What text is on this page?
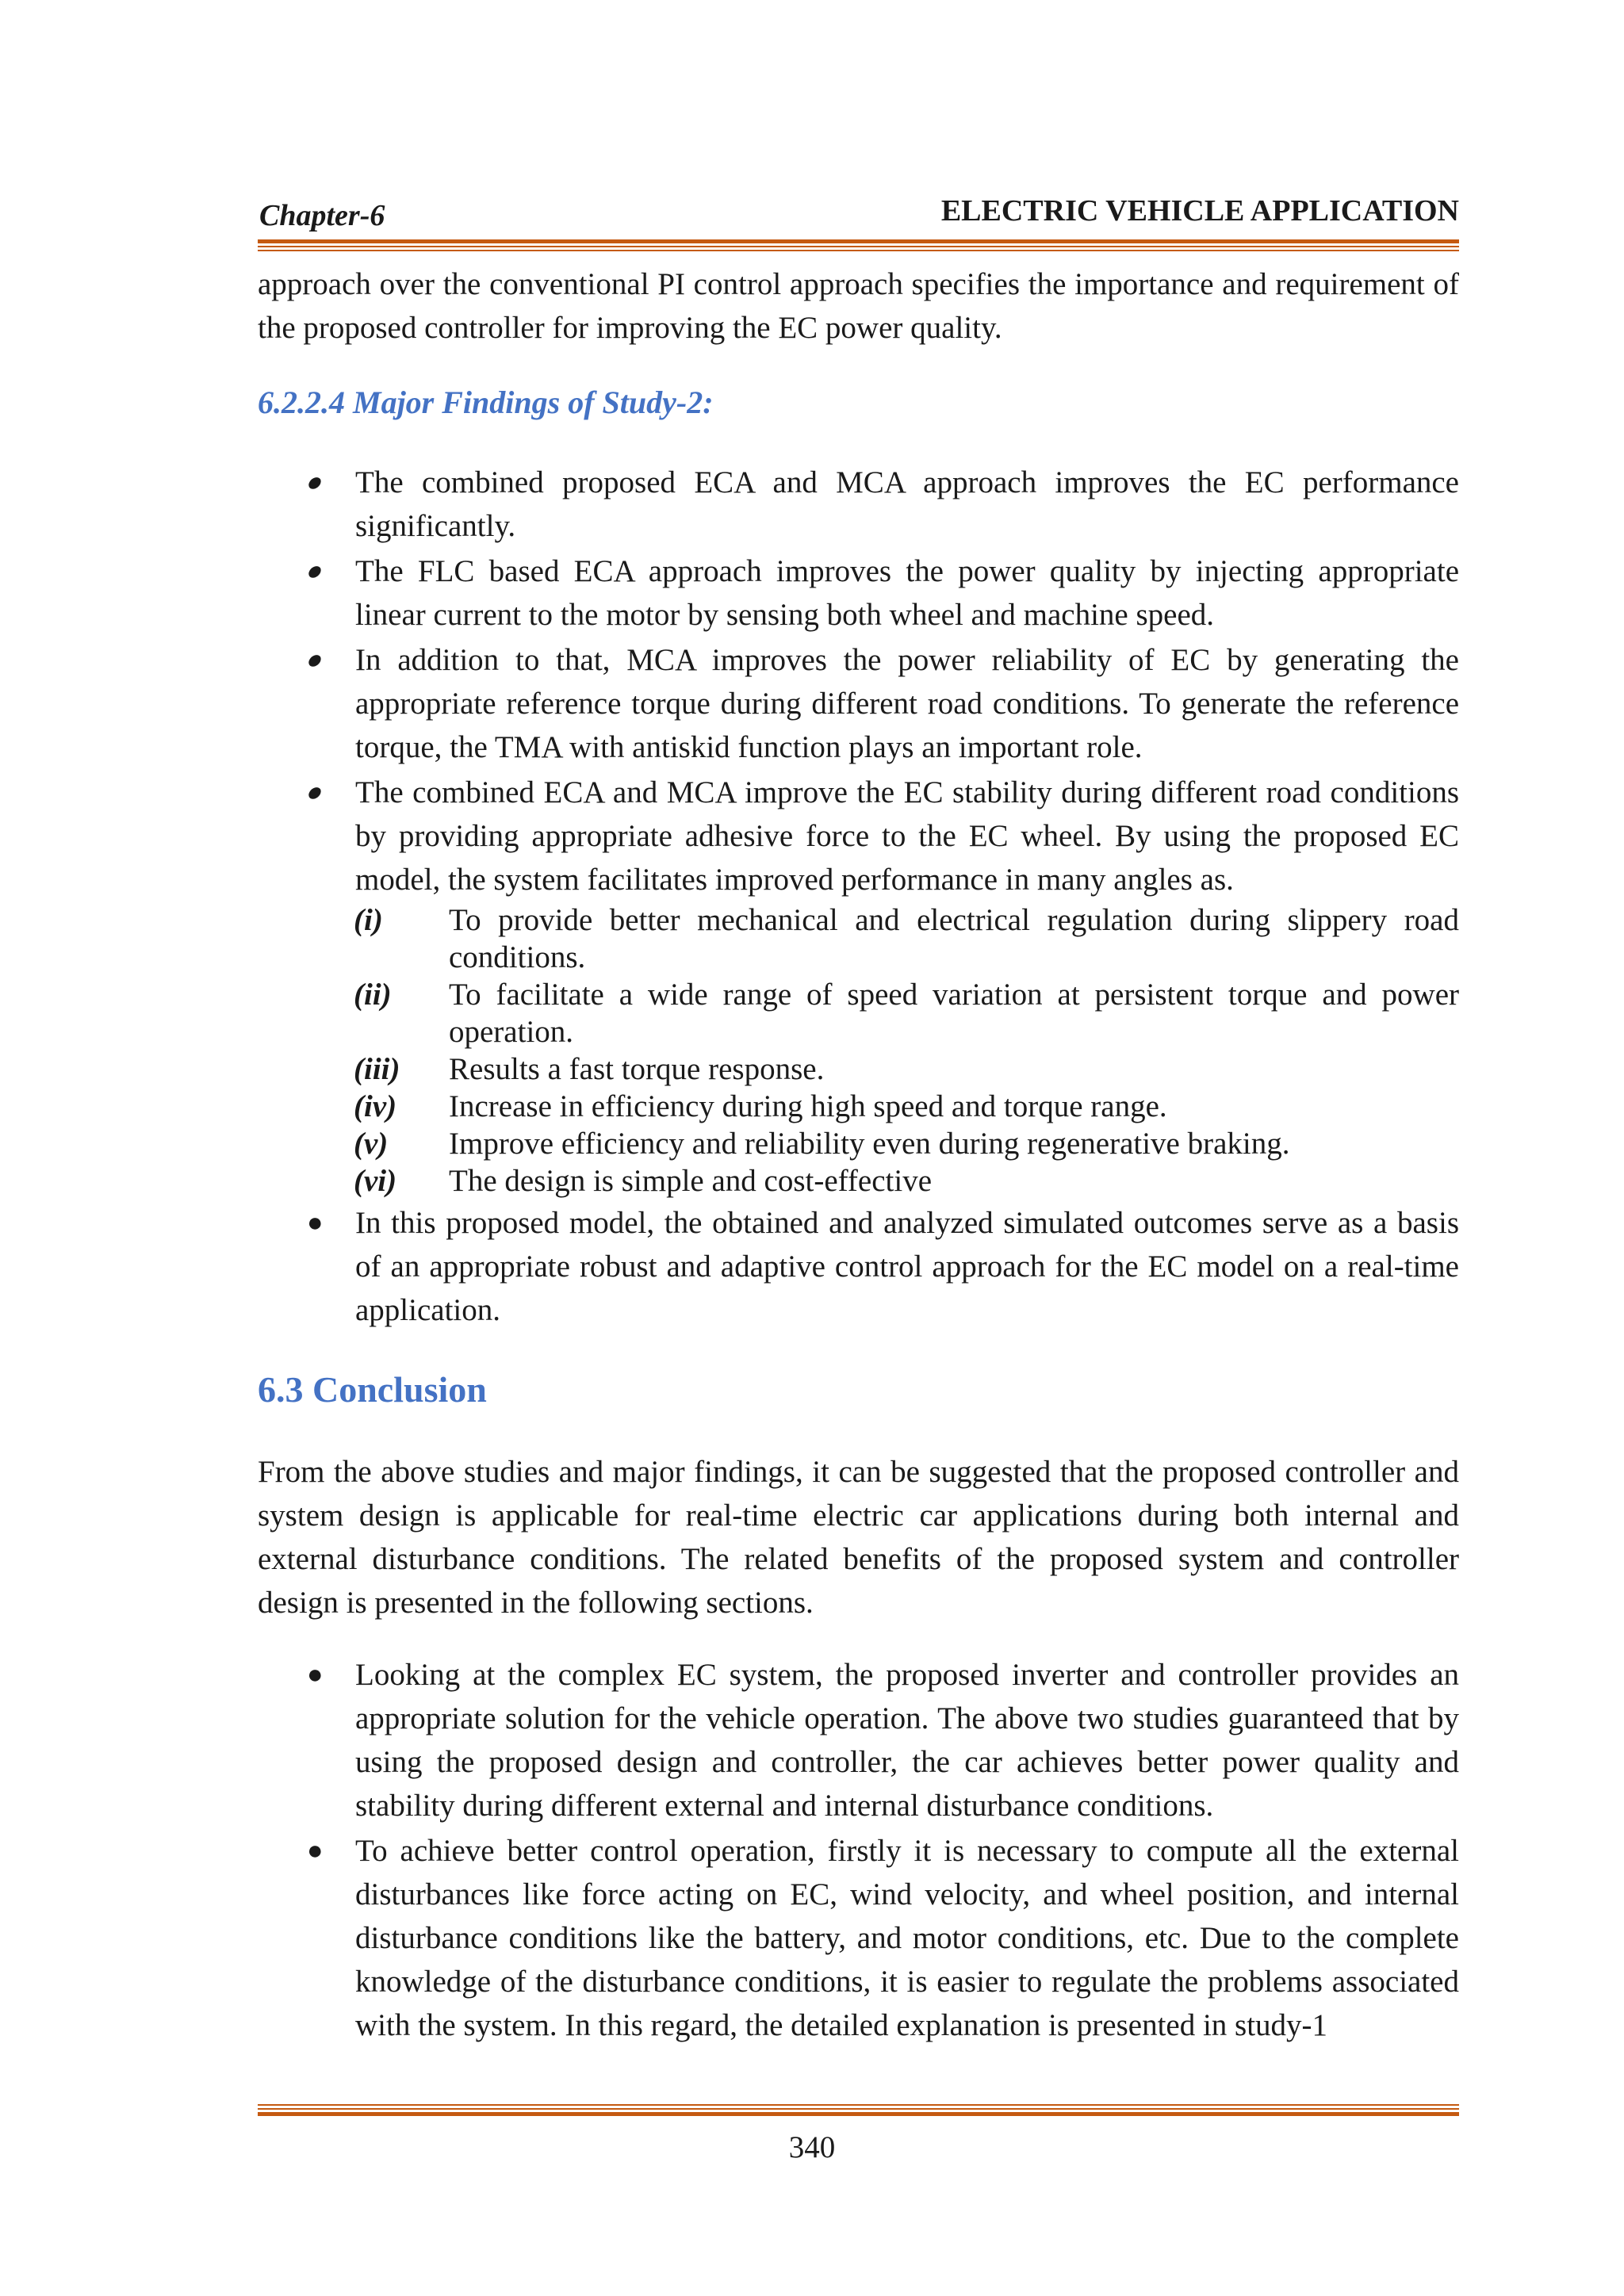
Chapter-6	ELECTRIC VEHICLE APPLICATION

approach over the conventional PI control approach specifies the importance and requirement of the proposed controller for improving the EC power quality.

6.2.2.4 Major Findings of Study-2:
● The combined proposed ECA and MCA approach improves the EC performance significantly.
● The FLC based ECA approach improves the power quality by injecting appropriate linear current to the motor by sensing both wheel and machine speed.
● In addition to that, MCA improves the power reliability of EC by generating the appropriate reference torque during different road conditions. To generate the reference torque, the TMA with antiskid function plays an important role.
● The combined ECA and MCA improve the EC stability during different road conditions by providing appropriate adhesive force to the EC wheel. By using the proposed EC model, the system facilitates improved performance in many angles as.
(i)	To provide better mechanical and electrical regulation during slippery road conditions.
(ii)	To facilitate a wide range of speed variation at persistent torque and power operation.
(iii)	Results a fast torque response.
(iv)	Increase in efficiency during high speed and torque range.
(v)	Improve efficiency and reliability even during regenerative braking.
(vi)	The design is simple and cost-effective
● In this proposed model, the obtained and analyzed simulated outcomes serve as a basis of an appropriate robust and adaptive control approach for the EC model on a real-time application.
6.3 Conclusion

From the above studies and major findings, it can be suggested that the proposed controller and system design is applicable for real-time electric car applications during both internal and external disturbance conditions. The related benefits of the proposed system and controller design is presented in the following sections.

● Looking at the complex EC system, the proposed inverter and controller provides an appropriate solution for the vehicle operation. The above two studies guaranteed that by using the proposed design and controller, the car achieves better power quality and stability during different external and internal disturbance conditions.
● To achieve better control operation, firstly it is necessary to compute all the external disturbances like force acting on EC, wind velocity, and wheel position, and internal disturbance conditions like the battery, and motor conditions, etc. Due to the complete knowledge of the disturbance conditions, it is easier to regulate the problems associated with the system. In this regard, the detailed explanation is presented in study-1
340
